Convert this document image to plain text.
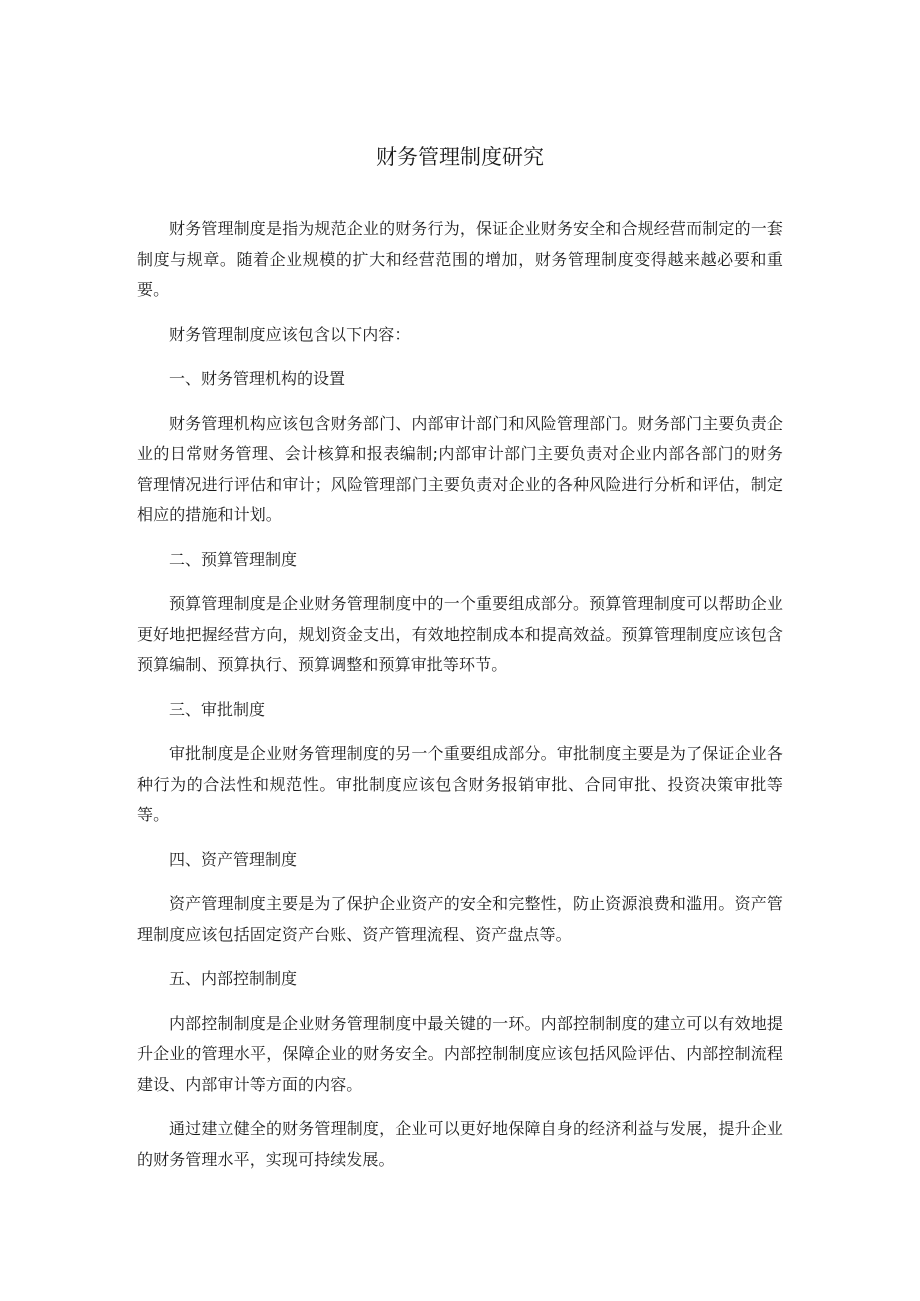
财务管理制度研究

财务管理制度是指为规范企业的财务行为，保证企业财务安全和合规经营而制定的一套制度与规章。随着企业规模的扩大和经营范围的增加，财务管理制度变得越来越必要和重要。

财务管理制度应该包含以下内容：

一、财务管理机构的设置

财务管理机构应该包含财务部门、内部审计部门和风险管理部门。财务部门主要负责企业的日常财务管理、会计核算和报表编制;内部审计部门主要负责对企业内部各部门的财务管理情况进行评估和审计；风险管理部门主要负责对企业的各种风险进行分析和评估，制定相应的措施和计划。

二、预算管理制度

预算管理制度是企业财务管理制度中的一个重要组成部分。预算管理制度可以帮助企业更好地把握经营方向，规划资金支出，有效地控制成本和提高效益。预算管理制度应该包含预算编制、预算执行、预算调整和预算审批等环节。

三、审批制度

审批制度是企业财务管理制度的另一个重要组成部分。审批制度主要是为了保证企业各种行为的合法性和规范性。审批制度应该包含财务报销审批、合同审批、投资决策审批等等。

四、资产管理制度

资产管理制度主要是为了保护企业资产的安全和完整性，防止资源浪费和滥用。资产管理制度应该包括固定资产台账、资产管理流程、资产盘点等。

五、内部控制制度

内部控制制度是企业财务管理制度中最关键的一环。内部控制制度的建立可以有效地提升企业的管理水平，保障企业的财务安全。内部控制制度应该包括风险评估、内部控制流程建设、内部审计等方面的内容。

通过建立健全的财务管理制度，企业可以更好地保障自身的经济利益与发展，提升企业的财务管理水平，实现可持续发展。
